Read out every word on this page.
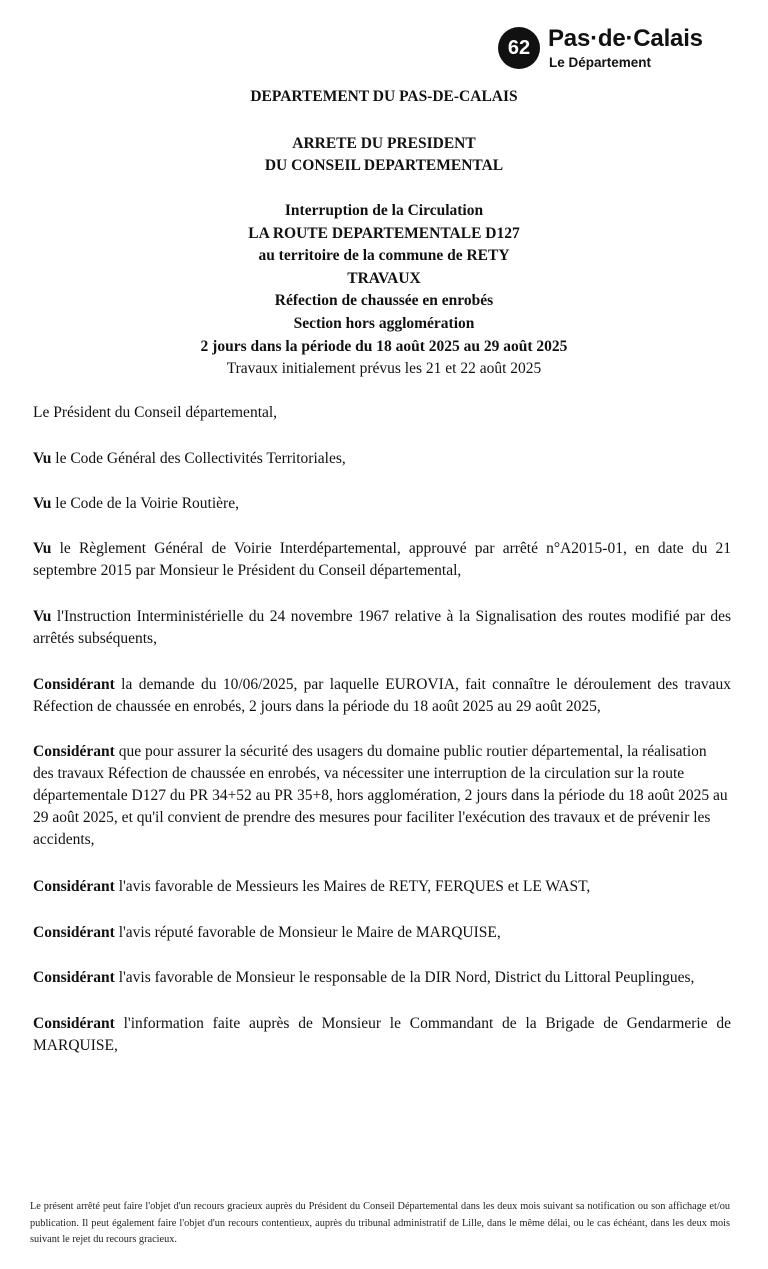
62 Pas·de·Calais
Le Département
DEPARTEMENT DU PAS-DE-CALAIS
ARRETE DU PRESIDENT
DU CONSEIL DEPARTEMENTAL
Interruption de la Circulation
LA ROUTE DEPARTEMENTALE D127
au territoire de la commune de RETY
TRAVAUX
Réfection de chaussée en enrobés
Section hors agglomération
2 jours dans la période du 18 août 2025 au 29 août 2025
Travaux initialement prévus les 21 et 22 août 2025
Le Président du Conseil départemental,
Vu le Code Général des Collectivités Territoriales,
Vu le Code de la Voirie Routière,
Vu le Règlement Général de Voirie Interdépartemental, approuvé par arrêté n°A2015-01, en date du 21 septembre 2015 par Monsieur le Président du Conseil départemental,
Vu l'Instruction Interministérielle du 24 novembre 1967 relative à la Signalisation des routes modifié par des arrêtés subséquents,
Considérant la demande du 10/06/2025, par laquelle EUROVIA, fait connaître le déroulement des travaux Réfection de chaussée en enrobés, 2 jours dans la période du 18 août 2025 au 29 août 2025,
Considérant que pour assurer la sécurité des usagers du domaine public routier départemental, la réalisation des travaux Réfection de chaussée en enrobés, va nécessiter une interruption de la circulation sur la route départementale D127 du PR 34+52 au PR 35+8, hors agglomération, 2 jours dans la période du 18 août 2025 au 29 août 2025, et qu'il convient de prendre des mesures pour faciliter l'exécution des travaux et de prévenir les accidents,
Considérant l'avis favorable de Messieurs les Maires de RETY, FERQUES et LE WAST,
Considérant l'avis réputé favorable de Monsieur le Maire de MARQUISE,
Considérant l'avis favorable de Monsieur le responsable de la DIR Nord, District du Littoral Peuplingues,
Considérant l'information faite auprès de Monsieur le Commandant de la Brigade de Gendarmerie de MARQUISE,
Le présent arrêté peut faire l'objet d'un recours gracieux auprès du Président du Conseil Départemental dans les deux mois suivant sa notification ou son affichage et/ou publication. Il peut également faire l'objet d'un recours contentieux, auprès du tribunal administratif de Lille, dans le même délai, ou le cas échéant, dans les deux mois suivant le rejet du recours gracieux.
